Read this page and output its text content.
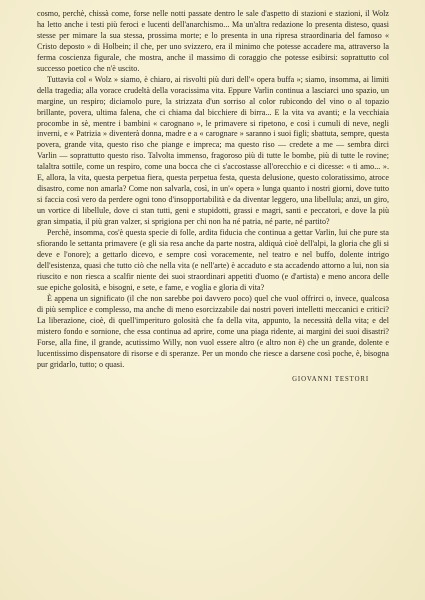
cosmo, perchè, chissà come, forse nelle notti passate dentro le sale d'aspetto di stazioni e stazioni, il Wolz ha letto anche i testi più feroci e lucenti dell'anarchismo... Ma un'altra redazione lo presenta disteso, quasi stesse per mimare la sua stessa, prossima morte; e lo presenta in una ripresa straordinaria del famoso « Cristo deposto » di Holbein; il che, per uno svizzero, era il minimo che potesse accadere ma, attraverso la ferma coscienza figurale, che mostra, anche il massimo di coraggio che potesse esibirsi: soprattutto col successo poetico che n'è uscito.

Tuttavia col « Wolz » siamo, è chiaro, ai risvolti più duri dell'« opera buffa »; siamo, insomma, ai limiti della tragedia; alla vorace crudeltà della voracissima vita. Eppure Varlin continua a lasciarci uno spazio, un margine, un respiro; diciamolo pure, la strizzata d'un sorriso al color rubicondo del vino o al topazio brillante, povera, ultima falena, che ci chiama dal bicchiere di birra... E la vita va avanti; e la vecchiaia procombe in sè, mentre i bambini « carognano », le primavere si ripetono, e così i cumuli di neve, negli inverni, e « Patrizia » diventerà donna, madre e a « carognare » saranno i suoi figli; sbattuta, sempre, questa povera, grande vita, questo riso che piange e impreca; ma questo riso — credete a me — sembra dirci Varlin — soprattutto questo riso. Talvolta immenso, fragoroso più di tutte le bombe, più di tutte le rovine; talaltra sottile, come un respiro, come una bocca che ci s'accostasse all'orecchio e ci dicesse: « ti amo... ». E, allora, la vita, questa perpetua fiera, questa perpetua festa, questa delusione, questo coloratissimo, atroce disastro, come non amarla? Come non salvarla, così, in un'« opera » lunga quanto i nostri giorni, dove tutto si faccia così vero da perdere ogni tono d'insopportabilità e da diventar leggero, una libellula; anzi, un giro, un vortice di libellule, dove ci stan tutti, geni e stupidotti, grassi e magri, santi e peccatori, e dove la più gran simpatia, il più gran valzer, si sprigiona per chi non ha né patria, né parte, né partito?

Perchè, insomma, cos'è questa specie di folle, ardita fiducia che continua a gettar Varlin, lui che pure sta sfiorando le settanta primavere (e gli sia resa anche da parte nostra, aldiquà cioè dell'alpi, la gloria che gli si deve e l'onore); a gettarlo dicevo, e sempre così voracemente, nel teatro e nel buffo, dolente intrigo dell'esistenza, quasi che tutto ciò che nella vita (e nell'arte) è accaduto e sta accadendo attorno a lui, non sia riuscito e non riesca a scalfir niente dei suoi straordinari appetiti d'uomo (e d'artista) e meno ancora delle sue epiche golosità, e bisogni, e sete, e fame, e voglia e gloria di vita?

È appena un significato (il che non sarebbe poi davvero poco) quel che vuol offrirci o, invece, qualcosa di più semplice e complesso, ma anche di meno esorcizzabile dai nostri poveri intelletti meccanici e critici? La liberazione, cioè, di quell'imperituro golosità che fa della vita, appunto, la necessità della vita; e del mistero fondo e sornione, che essa continua ad aprire, come una piaga ridente, ai margini dei suoi disastri? Forse, alla fine, il grande, acutissimo Willy, non vuol essere altro (e altro non è) che un grande, dolente e lucentissimo dispensatore di risorse e di speranze. Per un mondo che riesce a darsene così poche, è, bisogna pur gridarlo, tutto; o quasi.

GIOVANNI TESTORI
